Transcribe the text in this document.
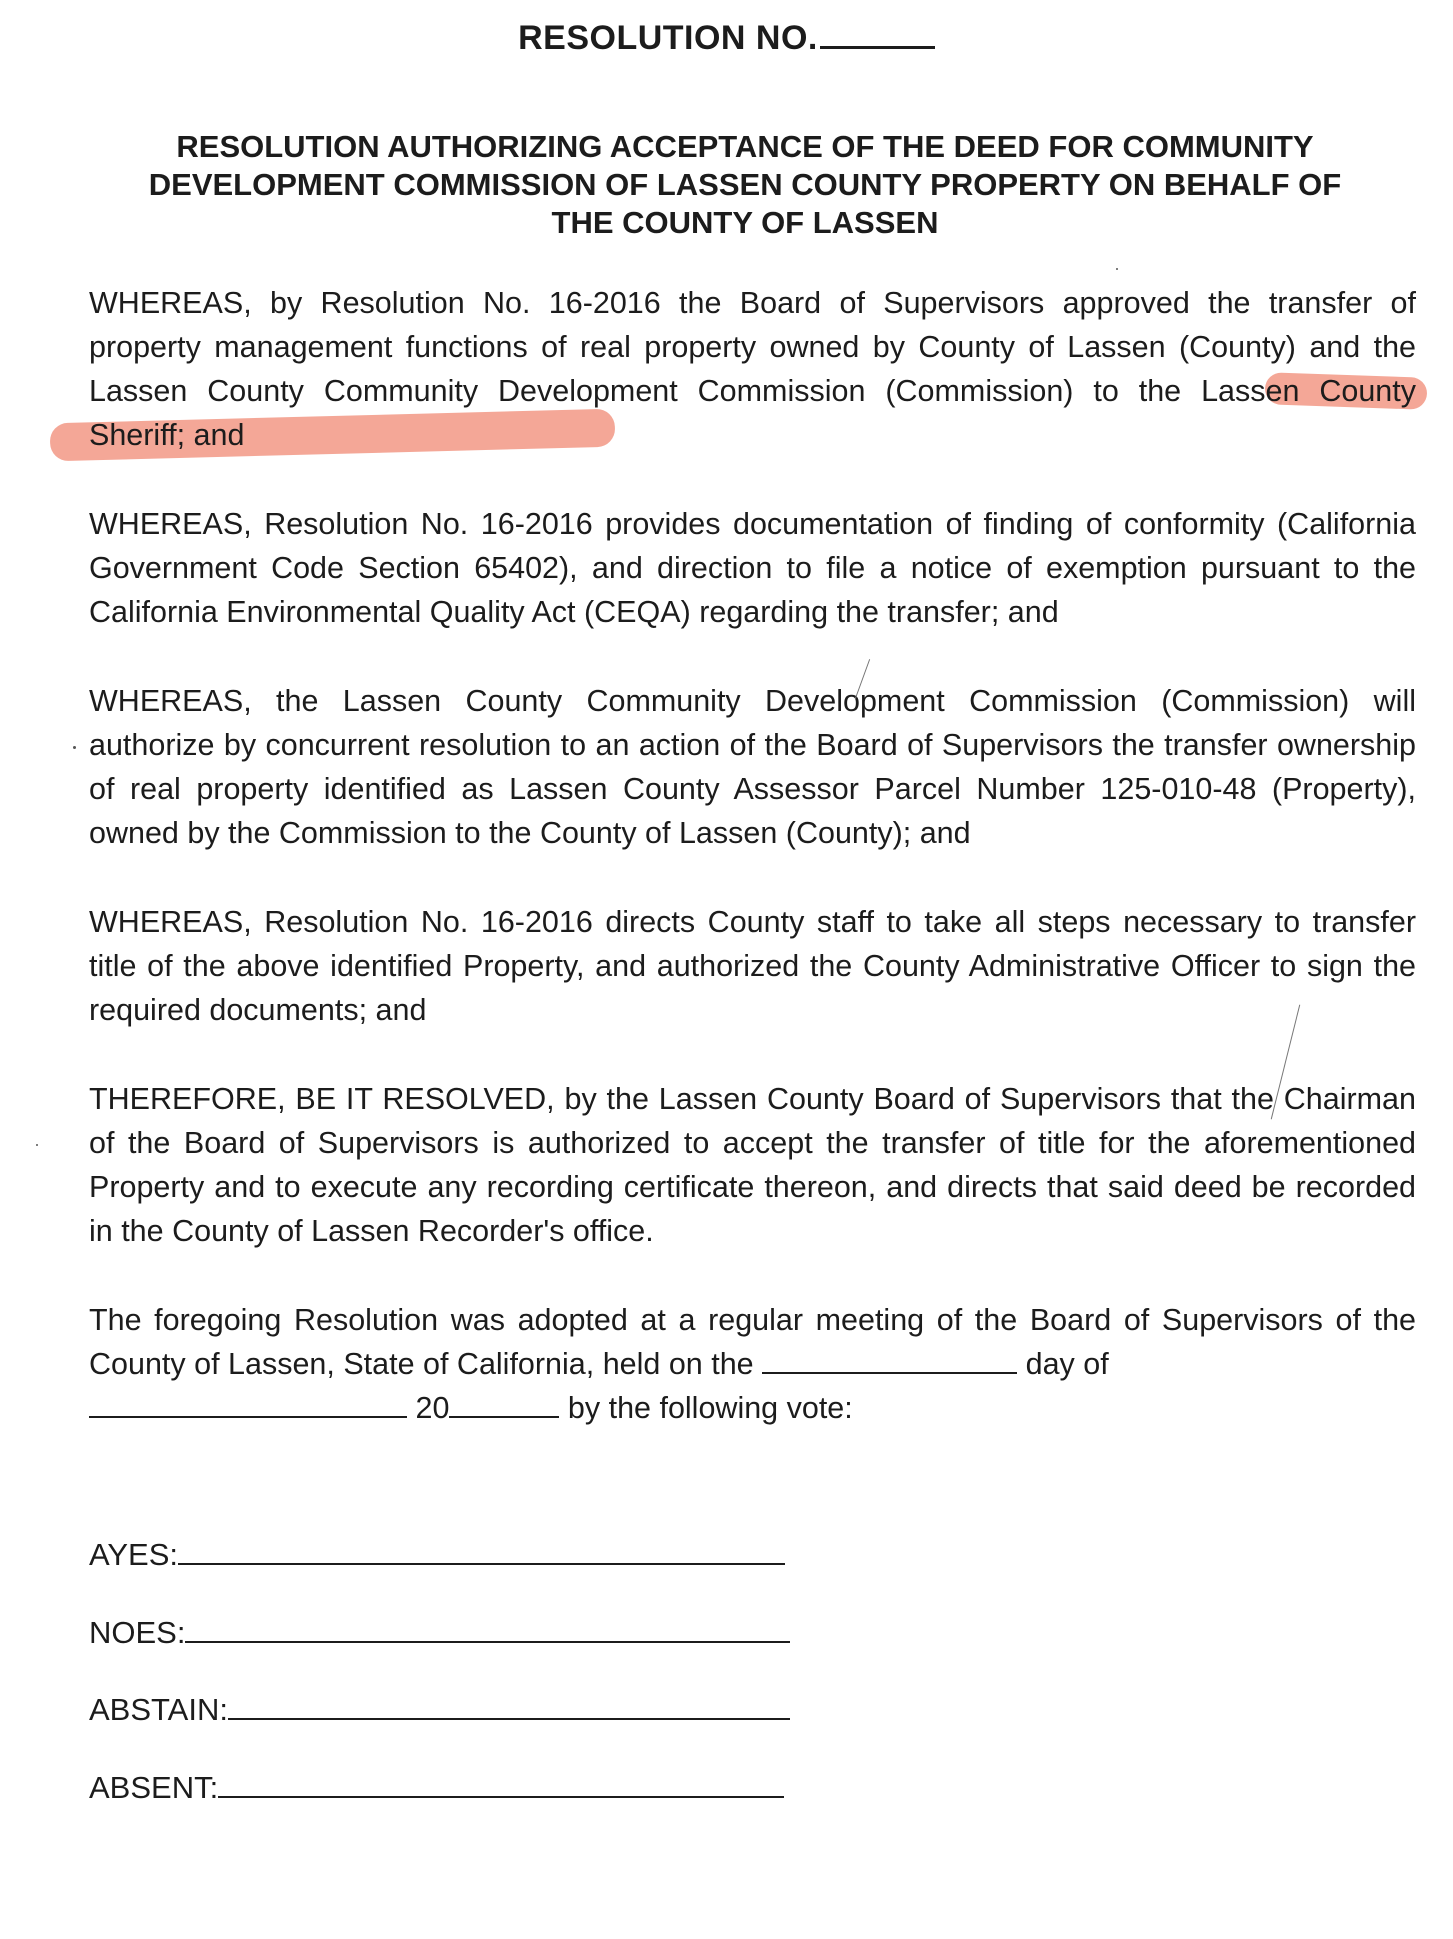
RESOLUTION NO.
RESOLUTION AUTHORIZING ACCEPTANCE OF THE DEED FOR COMMUNITY
DEVELOPMENT COMMISSION OF LASSEN COUNTY PROPERTY ON BEHALF OF
THE COUNTY OF LASSEN
WHEREAS, by Resolution No. 16-2016 the Board of Supervisors approved the transfer of property management functions of real property owned by County of Lassen (County) and the Lassen County Community Development Commission (Commission) to the Lassen County Sheriff; and
WHEREAS, Resolution No. 16-2016 provides documentation of finding of conformity (California Government Code Section 65402), and direction to file a notice of exemption pursuant to the California Environmental Quality Act (CEQA) regarding the transfer; and
WHEREAS, the Lassen County Community Development Commission (Commission) will authorize by concurrent resolution to an action of the Board of Supervisors the transfer ownership of real property identified as Lassen County Assessor Parcel Number 125-010-48 (Property), owned by the Commission to the County of Lassen (County); and
WHEREAS, Resolution No. 16-2016 directs County staff to take all steps necessary to transfer title of the above identified Property, and authorized the County Administrative Officer to sign the required documents; and
THEREFORE, BE IT RESOLVED, by the Lassen County Board of Supervisors that the Chairman of the Board of Supervisors is authorized to accept the transfer of title for the aforementioned Property and to execute any recording certificate thereon, and directs that said deed be recorded in the County of Lassen Recorder's office.
The foregoing Resolution was adopted at a regular meeting of the Board of Supervisors of the County of Lassen, State of California, held on the	day of
20	by the following vote:
AYES:
NOES:
ABSTAIN:
ABSENT:
